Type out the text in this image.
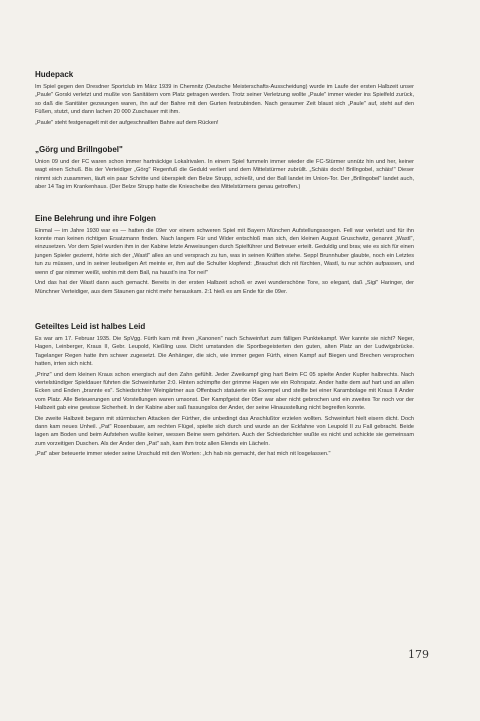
Hudepack

Im Spiel gegen den Dresdner Sportclub im März 1939 in Chemnitz (Deutsche Meisterschafts-Ausscheidung) wurde im Laufe der ersten Halbzeit unser „Paule" Gorski verletzt und mußte von Sanitätern vom Platz getragen werden. Trotz seiner Verletzung wollte „Paule" immer wieder ins Spielfeld zurück, so daß die Sanitäter gezwungen waren, ihn auf der Bahre mit den Gurten festzubinden. Nach geraumer Zeit blaust sich „Paule" auf, steht auf den Füßen, stutzt, und dann lachen 20 000 Zuschauer mit ihm.

„Paule" steht festgenagelt mit der aufgeschnallten Bahre auf dem Rücken!

„Görg und Brillngobel"

Union 09 und der FC waren schon immer hartnäckige Lokalrivalen. In einem Spiel fummeln immer wieder die FC-Stürmer unnütz hin und her, keiner wagt einen Schuß. Bis der Verteidiger „Görg" Regenfuß die Geduld verliert und dem Mittelstürmer zubrüllt. „Schäis doch! Brillngobel, schäis!" Dieser nimmt sich zusammen, läuft ein paar Schritte und überspielt den Belze Strupp, schießt, und der Ball landet im Union-Tor. Der „Brillngobel" landet auch, aber 14 Tag im Krankenhaus. (Der Belze Strupp hatte die Kniescheibe des Mittelstürmers genau getroffen.)

Eine Belehrung und ihre Folgen

Einmal — im Jahre 1930 war es — hatten die 09er vor einem schweren Spiel mit Bayern München Aufstellungssorgen. Fell war verletzt und für ihn konnte man keinen richtigen Ersatzmann finden. Nach langem Für und Wider entschloß man sich, den kleinen August Gruschwitz, genannt „Wastl", einzusetzen. Vor dem Spiel wurden ihm in der Kabine letzte Anweisungen durch Spielführer und Betreuer erteilt. Geduldig und brav, wie es sich für einen jungen Spieler geziemt, hörte sich der „Wastl" alles an und versprach zu tun, was in seinen Kräften stehe. Seppl Brunnhuber glaubte, noch ein Letztes tun zu müssen, und in seiner leutseligen Art meinte er, ihm auf die Schulter klopfend: „Brauchst dich nit fürchten, Wastl, tu nur schön aufpassen, und wenn d' gar nimmer weißt, wohin mit dem Ball, na haust'n ins Tor nei!"

Und das hat der Wastl dann auch gemacht. Bereits in der ersten Halbzeit schoß er zwei wunderschöne Tore, so elegant, daß „Sigi" Haringer, der Münchner Verteidiger, aus dem Staunen gar nicht mehr herauskam. 2:1 hieß es am Ende für die 09er.

Geteiltes Leid ist halbes Leid

Es war am 17. Februar 1935. Die SpVgg. Fürth kam mit ihren „Kanonen" nach Schweinfurt zum fälligen Punktekampf. Wer kannte sie nicht? Neger, Hagen, Leinberger, Kraus II, Gebr. Leupold, Kießling usw. Dicht umstanden die Sportbegeisterten den guten, alten Platz an der Ludwigsbrücke. Tagelanger Regen hatte ihm schwer zugesetzt. Die Anhänger, die sich, wie immer gegen Fürth, einen Kampf auf Biegen und Brechen versprochen hatten, irrten sich nicht.

„Prinz" und dem kleinen Kraus schon energisch auf den Zahn gefühlt. Jeder Zweikampf ging hart Beim FC 05 spielte Ander Kupfer halbrechts. Nach viertelstündiger Spieldauer führten die Schweinfurter 2:0. Hinten schimpfte der grimme Hagen wie ein Rohrspatz. Ander hatte dem auf hart und an allen Ecken und Enden „brannte es". Schiedsrichter Weingärtner aus Offenbach statuierte ein Exempel und stellte bei einer Karambolage mit Kraus II Ander vom Platz. Alle Beteuerungen und Vorstellungen waren umsonst. Der Kampfgeist der 05er war aber nicht gebrochen und ein zweites Tor noch vor der Halbzeit gab eine gewisse Sicherheit. In der Kabine aber saß fassungslos der Ander, der seine Hinausstellung nicht begreifen konnte.

Die zweite Halbzeit begann mit stürmischen Attacken der Fürther, die unbedingt das Anschlußtor erzielen wollten. Schweinfurt hielt eisern dicht. Doch dann kam neues Unheil. „Pat" Rosenbauer, am rechten Flügel, spielte sich durch und wurde an der Eckfahne von Leupold II zu Fall gebracht. Beide lagen am Boden und beim Aufstehen wußte keiner, wessen Beine wem gehörten. Auch der Schiedsrichter wußte es nicht und schickte sie gemeinsam zum vorzeitigen Duschen. Als der Ander den „Pat" sah, kam ihm trotz allen Elends ein Lächeln.

„Pat" aber beteuerte immer wieder seine Unschuld mit den Worten: „Ich hab nix gemacht, der hat mich nit losgelassen."

179
